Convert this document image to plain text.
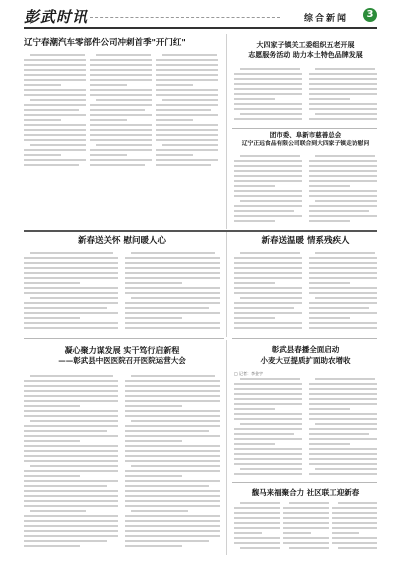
彭武时讯	综合新闻	3
辽宁春潮汽车零部件公司冲刺首季"开门红"	大四家子镇关工委组织五老开展
志愿服务活动 助力本土特色品牌发展
团市委、阜新市慈善总会
辽宁正远食品有限公司联合到大四家子镇走访慰问
新春送关怀 慰问暖人心	新春送温暖 情系残疾人
凝心聚力谋发展 实干笃行启新程
——彰武县中医医院召开医院运营大会
彰武县春播全面启动
小麦大豆提质扩面助农增收
□ 记者：李金宇
馥马来福聚合力 社区联工迎新春
